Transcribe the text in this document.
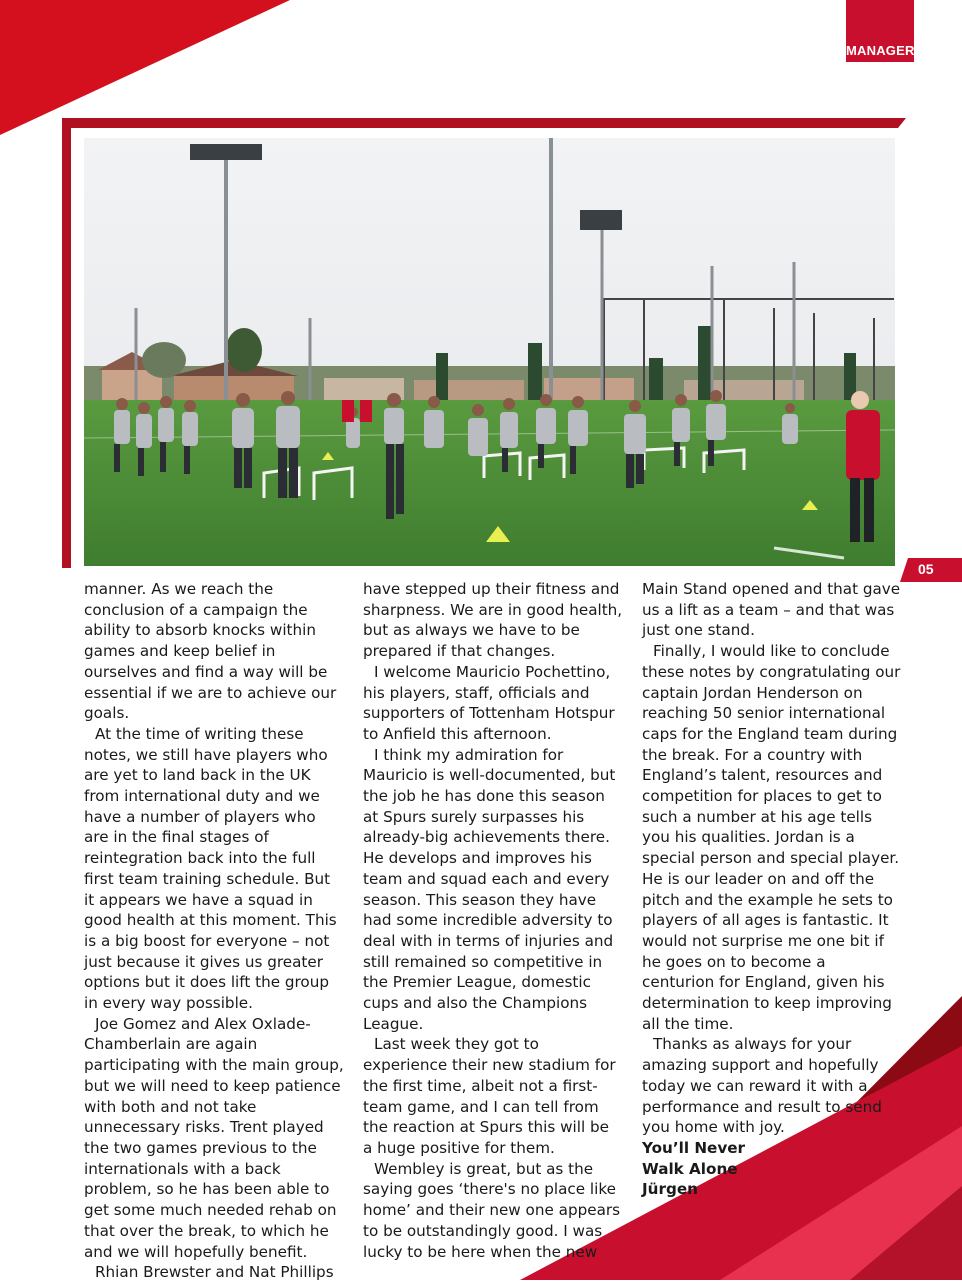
MANAGER
05

manner. As we reach the conclusion of a campaign the ability to absorb knocks within games and keep belief in ourselves and find a way will be essential if we are to achieve our goals.

At the time of writing these notes, we still have players who are yet to land back in the UK from international duty and we have a number of players who are in the final stages of reintegration back into the full first team training schedule. But it appears we have a squad in good health at this moment. This is a big boost for everyone – not just because it gives us greater options but it does lift the group in every way possible.

Joe Gomez and Alex Oxlade-Chamberlain are again participating with the main group, but we will need to keep patience with both and not take unnecessary risks. Trent played the two games previous to the internationals with a back problem, so he has been able to get some much needed rehab on that over the break, to which he and we will hopefully benefit.

Rhian Brewster and Nat Phillips

have stepped up their fitness and sharpness. We are in good health, but as always we have to be prepared if that changes.

I welcome Mauricio Pochettino, his players, staff, officials and supporters of Tottenham Hotspur to Anfield this afternoon.

I think my admiration for Mauricio is well-documented, but the job he has done this season at Spurs surely surpasses his already-big achievements there. He develops and improves his team and squad each and every season. This season they have had some incredible adversity to deal with in terms of injuries and still remained so competitive in the Premier League, domestic cups and also the Champions League.

Last week they got to experience their new stadium for the first time, albeit not a first-team game, and I can tell from the reaction at Spurs this will be a huge positive for them.

Wembley is great, but as the saying goes ‘there's no place like home’ and their new one appears to be outstandingly good. I was lucky to be here when the new

Main Stand opened and that gave us a lift as a team – and that was just one stand.

Finally, I would like to conclude these notes by congratulating our captain Jordan Henderson on reaching 50 senior international caps for the England team during the break. For a country with England’s talent, resources and competition for places to get to such a number at his age tells you his qualities. Jordan is a special person and special player. He is our leader on and off the pitch and the example he sets to players of all ages is fantastic. It would not surprise me one bit if he goes on to become a centurion for England, given his determination to keep improving all the time.

Thanks as always for your amazing support and hopefully today we can reward it with a performance and result to send you home with joy.

You’ll Never

Walk Alone

Jürgen
